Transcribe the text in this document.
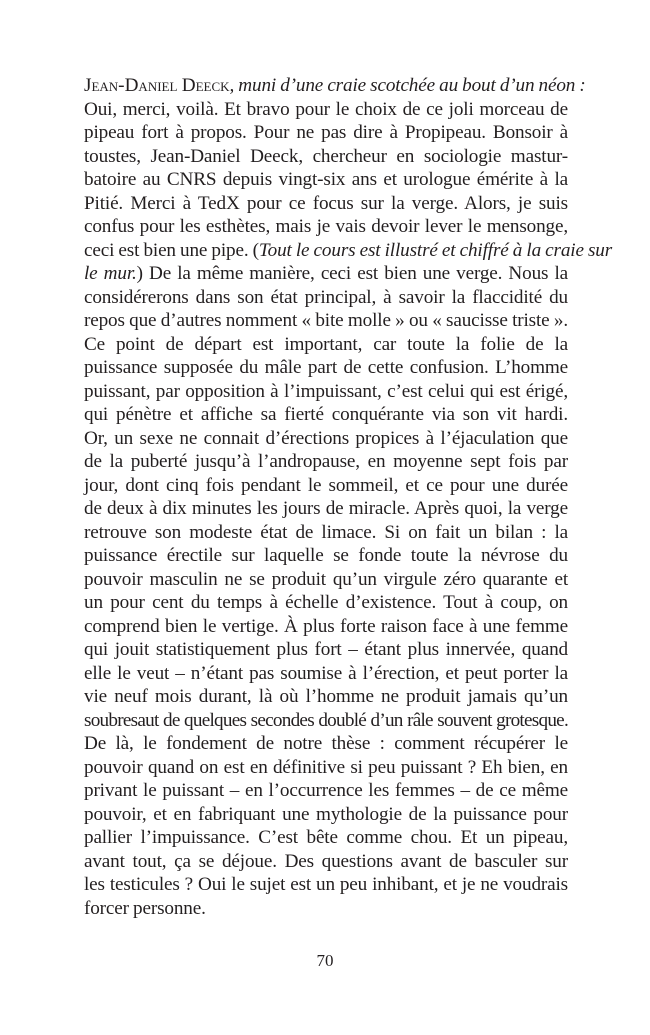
Jean-Daniel Deeck, muni d’une craie scotchée au bout d’un néon :
Oui, merci, voilà. Et bravo pour le choix de ce joli morceau de
pipeau fort à propos. Pour ne pas dire à Propipeau. Bonsoir à
toustes, Jean-Daniel Deeck, chercheur en sociologie mastur-
batoire au CNRS depuis vingt-six ans et urologue émérite à la
Pitié. Merci à TedX pour ce focus sur la verge. Alors, je suis
confus pour les esthètes, mais je vais devoir lever le mensonge,
ceci est bien une pipe. (Tout le cours est illustré et chiffré à la craie sur
le mur.) De la même manière, ceci est bien une verge. Nous la
considérerons dans son état principal, à savoir la flaccidité du
repos que d’autres nomment « bite molle » ou « saucisse triste ».
Ce point de départ est important, car toute la folie de la
puissance supposée du mâle part de cette confusion. L’homme
puissant, par opposition à l’impuissant, c’est celui qui est érigé,
qui pénètre et affiche sa fierté conquérante via son vit hardi.
Or, un sexe ne connait d’érections propices à l’éjaculation que
de la puberté jusqu’à l’andropause, en moyenne sept fois par
jour, dont cinq fois pendant le sommeil, et ce pour une durée
de deux à dix minutes les jours de miracle. Après quoi, la verge
retrouve son modeste état de limace. Si on fait un bilan : la
puissance érectile sur laquelle se fonde toute la névrose du
pouvoir masculin ne se produit qu’un virgule zéro quarante et
un pour cent du temps à échelle d’existence. Tout à coup, on
comprend bien le vertige. À plus forte raison face à une femme
qui jouit statistiquement plus fort – étant plus innervée, quand
elle le veut – n’étant pas soumise à l’érection, et peut porter la
vie neuf mois durant, là où l’homme ne produit jamais qu’un
soubresaut de quelques secondes doublé d’un râle souvent grotesque.
De là, le fondement de notre thèse : comment récupérer le
pouvoir quand on est en définitive si peu puissant ? Eh bien, en
privant le puissant – en l’occurrence les femmes – de ce même
pouvoir, et en fabriquant une mythologie de la puissance pour
pallier l’impuissance. C’est bête comme chou. Et un pipeau,
avant tout, ça se déjoue. Des questions avant de basculer sur
les testicules ? Oui le sujet est un peu inhibant, et je ne voudrais
forcer personne.
70
